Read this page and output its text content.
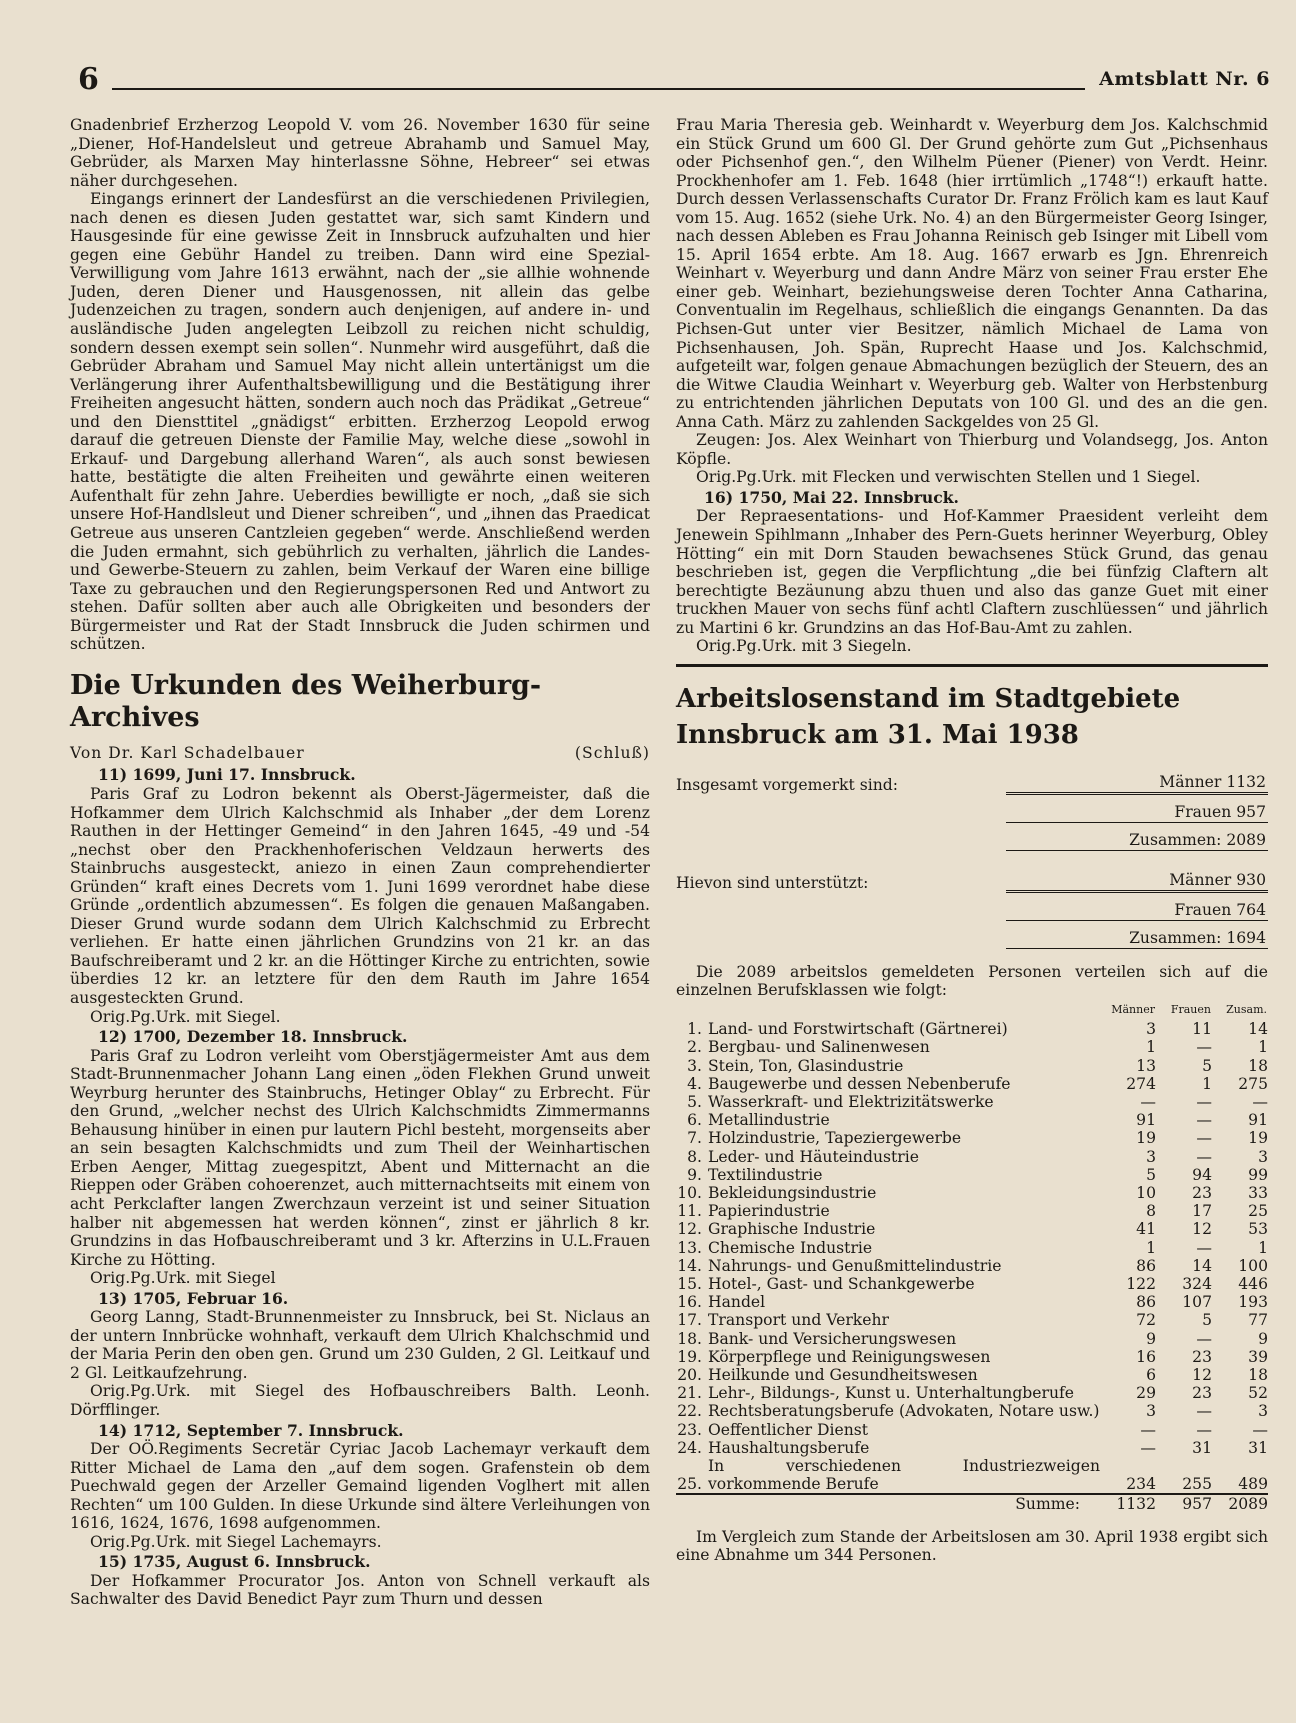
6	Amtsblatt Nr. 6

Gnadenbrief Erzherzog Leopold V. vom 26. November 1630 für seine „Diener, Hof-Handelsleut und getreue Abrahamb und Samuel May, Gebrüder, als Marxen May hinterlassne Söhne, Hebreer“ sei etwas näher durchgesehen.

Eingangs erinnert der Landesfürst an die verschiedenen Privilegien, nach denen es diesen Juden gestattet war, sich samt Kindern und Hausgesinde für eine gewisse Zeit in Innsbruck aufzuhalten und hier gegen eine Gebühr Handel zu treiben. Dann wird eine Spezial-Verwilligung vom Jahre 1613 erwähnt, nach der „sie allhie wohnende Juden, deren Diener und Hausgenossen, nit allein das gelbe Judenzeichen zu tragen, sondern auch denjenigen, auf andere in- und ausländische Juden angelegten Leibzoll zu reichen nicht schuldig, sondern dessen exempt sein sollen“. Nunmehr wird ausgeführt, daß die Gebrüder Abraham und Samuel May nicht allein untertänigst um die Verlängerung ihrer Aufenthaltsbewilligung und die Bestätigung ihrer Freiheiten angesucht hätten, sondern auch noch das Prädikat „Getreue“ und den Diensttitel „gnädigst“ erbitten. Erzherzog Leopold erwog darauf die getreuen Dienste der Familie May, welche diese „sowohl in Erkauf- und Dargebung allerhand Waren“, als auch sonst bewiesen hatte, bestätigte die alten Freiheiten und gewährte einen weiteren Aufenthalt für zehn Jahre. Ueberdies bewilligte er noch, „daß sie sich unsere Hof-Handlsleut und Diener schreiben“, und „ihnen das Praedicat Getreue aus unseren Cantzleien gegeben“ werde. Anschließend werden die Juden ermahnt, sich gebührlich zu verhalten, jährlich die Landes- und Gewerbe-Steuern zu zahlen, beim Verkauf der Waren eine billige Taxe zu gebrauchen und den Regierungspersonen Red und Antwort zu stehen. Dafür sollten aber auch alle Obrigkeiten und besonders der Bürgermeister und Rat der Stadt Innsbruck die Juden schirmen und schützen.

Die Urkunden des Weiherburg-Archives
Von Dr. Karl Schadelbauer	(Schluß)
11) 1699, Juni 17. Innsbruck.

Paris Graf zu Lodron bekennt als Oberst-Jägermeister, daß die Hofkammer dem Ulrich Kalchschmid als Inhaber „der dem Lorenz Rauthen in der Hettinger Gemeind“ in den Jahren 1645, -49 und -54 „nechst ober den Prackhenhoferischen Veldzaun herwerts des Stainbruchs ausgesteckt, aniezo in einen Zaun comprehendierter Gründen“ kraft eines Decrets vom 1. Juni 1699 verordnet habe diese Gründe „ordentlich abzumessen“. Es folgen die genauen Maßangaben. Dieser Grund wurde sodann dem Ulrich Kalchschmid zu Erbrecht verliehen. Er hatte einen jährlichen Grundzins von 21 kr. an das Baufschreiberamt und 2 kr. an die Höttinger Kirche zu entrichten, sowie überdies 12 kr. an letztere für den dem Rauth im Jahre 1654 ausgesteckten Grund.

Orig.Pg.Urk. mit Siegel.

12) 1700, Dezember 18. Innsbruck.

Paris Graf zu Lodron verleiht vom Oberstjägermeister Amt aus dem Stadt-Brunnenmacher Johann Lang einen „öden Flekhen Grund unweit Weyrburg herunter des Stainbruchs, Hetinger Oblay“ zu Erbrecht. Für den Grund, „welcher nechst des Ulrich Kalchschmidts Zimmermanns Behausung hinüber in einen pur lautern Pichl besteht, morgenseits aber an sein besagten Kalchschmidts und zum Theil der Weinhartischen Erben Aenger, Mittag zuegespitzt, Abent und Mitternacht an die Rieppen oder Gräben cohoerenzet, auch mitternachtseits mit einem von acht Perkclafter langen Zwerchzaun verzeint ist und seiner Situation halber nit abgemessen hat werden können“, zinst er jährlich 8 kr. Grundzins in das Hofbauschreiberamt und 3 kr. Afterzins in U.L.Frauen Kirche zu Hötting.

Orig.Pg.Urk. mit Siegel

13) 1705, Februar 16.

Georg Lanng, Stadt-Brunnenmeister zu Innsbruck, bei St. Niclaus an der untern Innbrücke wohnhaft, verkauft dem Ulrich Khalchschmid und der Maria Perin den oben gen. Grund um 230 Gulden, 2 Gl. Leitkauf und 2 Gl. Leitkaufzehrung.

Orig.Pg.Urk. mit Siegel des Hofbauschreibers Balth. Leonh. Dörfflinger.

14) 1712, September 7. Innsbruck.

Der OÖ.Regiments Secretär Cyriac Jacob Lachemayr verkauft dem Ritter Michael de Lama den „auf dem sogen. Grafenstein ob dem Puechwald gegen der Arzeller Gemaind ligenden Voglhert mit allen Rechten“ um 100 Gulden. In diese Urkunde sind ältere Verleihungen von 1616, 1624, 1676, 1698 aufgenommen.

Orig.Pg.Urk. mit Siegel Lachemayrs.

15) 1735, August 6. Innsbruck.

Der Hofkammer Procurator Jos. Anton von Schnell verkauft als Sachwalter des David Benedict Payr zum Thurn und dessen

Frau Maria Theresia geb. Weinhardt v. Weyerburg dem Jos. Kalchschmid ein Stück Grund um 600 Gl. Der Grund gehörte zum Gut „Pichsenhaus oder Pichsenhof gen.“, den Wilhelm Püener (Piener) von Verdt. Heinr. Prockhenhofer am 1. Feb. 1648 (hier irrtümlich „1748“!) erkauft hatte. Durch dessen Verlassenschafts Curator Dr. Franz Frölich kam es laut Kauf vom 15. Aug. 1652 (siehe Urk. No. 4) an den Bürgermeister Georg Isinger, nach dessen Ableben es Frau Johanna Reinisch geb Isinger mit Libell vom 15. April 1654 erbte. Am 18. Aug. 1667 erwarb es Jgn. Ehrenreich Weinhart v. Weyerburg und dann Andre März von seiner Frau erster Ehe einer geb. Weinhart, beziehungsweise deren Tochter Anna Catharina, Conventualin im Regelhaus, schließlich die eingangs Genannten. Da das Pichsen-Gut unter vier Besitzer, nämlich Michael de Lama von Pichsenhausen, Joh. Spän, Ruprecht Haase und Jos. Kalchschmid, aufgeteilt war, folgen genaue Abmachungen bezüglich der Steuern, des an die Witwe Claudia Weinhart v. Weyerburg geb. Walter von Herbstenburg zu entrichtenden jährlichen Deputats von 100 Gl. und des an die gen. Anna Cath. März zu zahlenden Sackgeldes von 25 Gl.

Zeugen: Jos. Alex Weinhart von Thierburg und Volandsegg, Jos. Anton Köpfle.

Orig.Pg.Urk. mit Flecken und verwischten Stellen und 1 Siegel.

16) 1750, Mai 22. Innsbruck.

Der Repraesentations- und Hof-Kammer Praesident verleiht dem Jenewein Spihlmann „Inhaber des Pern-Guets herinner Weyerburg, Obley Hötting“ ein mit Dorn Stauden bewachsenes Stück Grund, das genau beschrieben ist, gegen die Verpflichtung „die bei fünfzig Claftern alt berechtigte Bezäunung abzu thuen und also das ganze Guet mit einer truckhen Mauer von sechs fünf achtl Claftern zuschlüessen“ und jährlich zu Martini 6 kr. Grundzins an das Hof-Bau-Amt zu zahlen.

Orig.Pg.Urk. mit 3 Siegeln.

Arbeitslosenstand im Stadtgebiete Innsbruck am 31. Mai 1938
Insgesamt vorgemerkt sind:	Männer 1132
Frauen 957
Zusammen: 2089
Hievon sind unterstützt:	Männer 930
Frauen 764
Zusammen: 1694

Die 2089 arbeitslos gemeldeten Personen verteilen sich auf die einzelnen Berufsklassen wie folgt:

		Männer	Frauen	Zusam.
1.	Land- und Forstwirtschaft (Gärtnerei)	3	11	14
2.	Bergbau- und Salinenwesen	1	—	1
3.	Stein, Ton, Glasindustrie	13	5	18
4.	Baugewerbe und dessen Nebenberufe	274	1	275
5.	Wasserkraft- und Elektrizitätswerke	—	—	—
6.	Metallindustrie	91	—	91
7.	Holzindustrie, Tapeziergewerbe	19	—	19
8.	Leder- und Häuteindustrie	3	—	3
9.	Textilindustrie	5	94	99
10.	Bekleidungsindustrie	10	23	33
11.	Papierindustrie	8	17	25
12.	Graphische Industrie	41	12	53
13.	Chemische Industrie	1	—	1
14.	Nahrungs- und Genußmittelindustrie	86	14	100
15.	Hotel-, Gast- und Schankgewerbe	122	324	446
16.	Handel	86	107	193
17.	Transport und Verkehr	72	5	77
18.	Bank- und Versicherungswesen	9	—	9
19.	Körperpflege und Reinigungswesen	16	23	39
20.	Heilkunde und Gesundheitswesen	6	12	18
21.	Lehr-, Bildungs-, Kunst u. Unterhaltungberufe	29	23	52
22.	Rechtsberatungsberufe (Advokaten, Notare usw.)	3	—	3
23.	Oeffentlicher Dienst	—	—	—
24.	Haushaltungsberufe	—	31	31
25.	In verschiedenen Industriezweigen vorkommende Berufe	234	255	489
	Summe:	1132	957	2089

Im Vergleich zum Stande der Arbeitslosen am 30. April 1938 ergibt sich eine Abnahme um 344 Personen.
